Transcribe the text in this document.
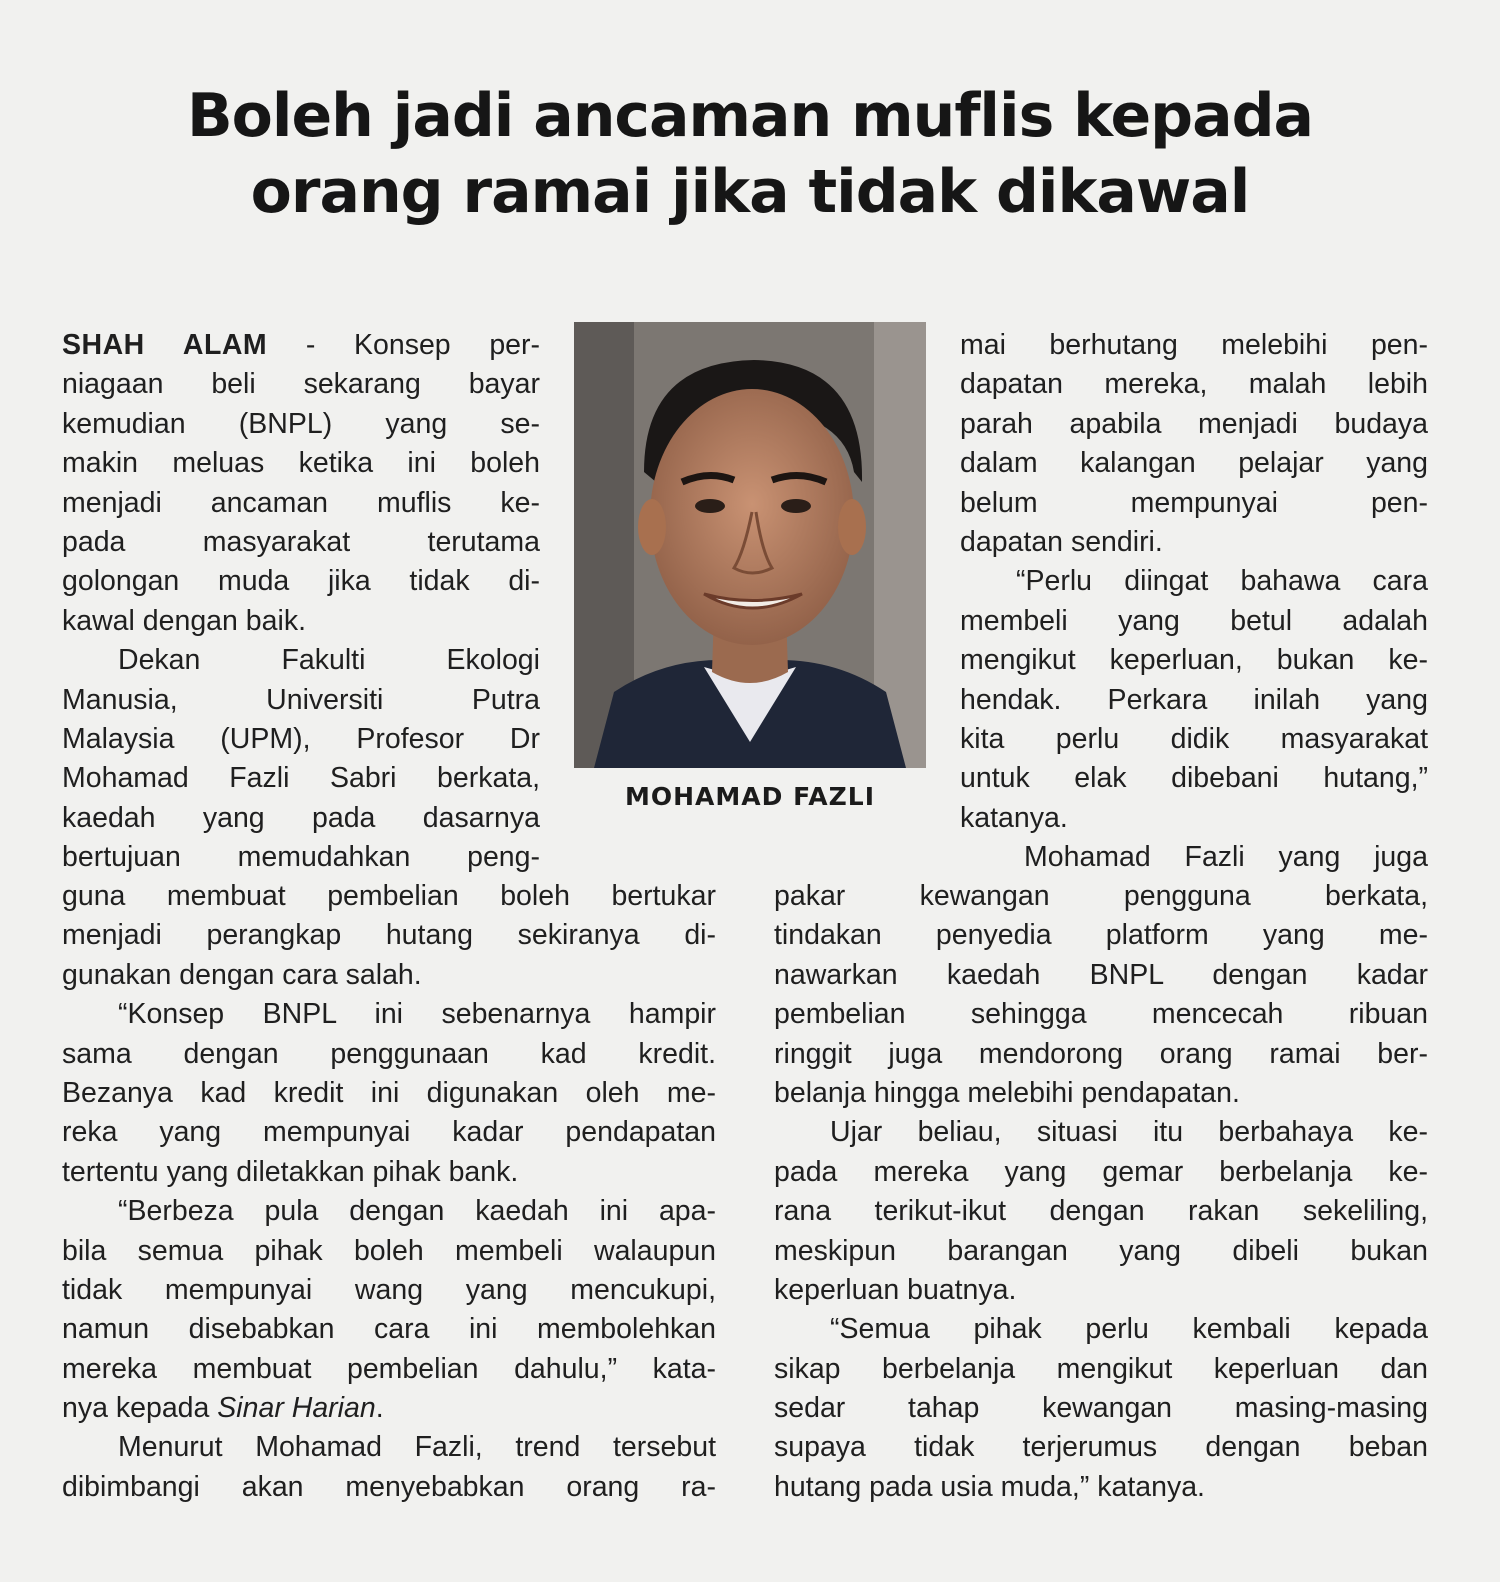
Boleh jadi ancaman muflis kepada
orang ramai jika tidak dikawal
SHAH ALAM - Konsep per-
niagaan beli sekarang bayar
kemudian (BNPL) yang se-
makin meluas ketika ini boleh
menjadi ancaman muflis ke-
pada masyarakat terutama
golongan muda jika tidak di-
kawal dengan baik.
Dekan Fakulti Ekologi
Manusia, Universiti Putra
Malaysia (UPM), Profesor Dr
Mohamad Fazli Sabri berkata,
kaedah yang pada dasarnya
bertujuan memudahkan peng-
guna membuat pembelian boleh bertukar
menjadi perangkap hutang sekiranya di-
gunakan dengan cara salah.
“Konsep BNPL ini sebenarnya hampir
sama dengan penggunaan kad kredit.
Bezanya kad kredit ini digunakan oleh me-
reka yang mempunyai kadar pendapatan
tertentu yang diletakkan pihak bank.
“Berbeza pula dengan kaedah ini apa-
bila semua pihak boleh membeli walaupun
tidak mempunyai wang yang mencukupi,
namun disebabkan cara ini membolehkan
mereka membuat pembelian dahulu,” kata-
nya kepada Sinar Harian.
Menurut Mohamad Fazli, trend tersebut
dibimbangi akan menyebabkan orang ra-
MOHAMAD FAZLI
mai berhutang melebihi pen-
dapatan mereka, malah lebih
parah apabila menjadi budaya
dalam kalangan pelajar yang
belum mempunyai pen-
dapatan sendiri.
“Perlu diingat bahawa cara
membeli yang betul adalah
mengikut keperluan, bukan ke-
hendak. Perkara inilah yang
kita perlu didik masyarakat
untuk elak dibebani hutang,”
katanya.
Mohamad Fazli yang juga
pakar kewangan pengguna berkata,
tindakan penyedia platform yang me-
nawarkan kaedah BNPL dengan kadar
pembelian sehingga mencecah ribuan
ringgit juga mendorong orang ramai ber-
belanja hingga melebihi pendapatan.
Ujar beliau, situasi itu berbahaya ke-
pada mereka yang gemar berbelanja ke-
rana terikut-ikut dengan rakan sekeliling,
meskipun barangan yang dibeli bukan
keperluan buatnya.
“Semua pihak perlu kembali kepada
sikap berbelanja mengikut keperluan dan
sedar tahap kewangan masing-masing
supaya tidak terjerumus dengan beban
hutang pada usia muda,” katanya.
